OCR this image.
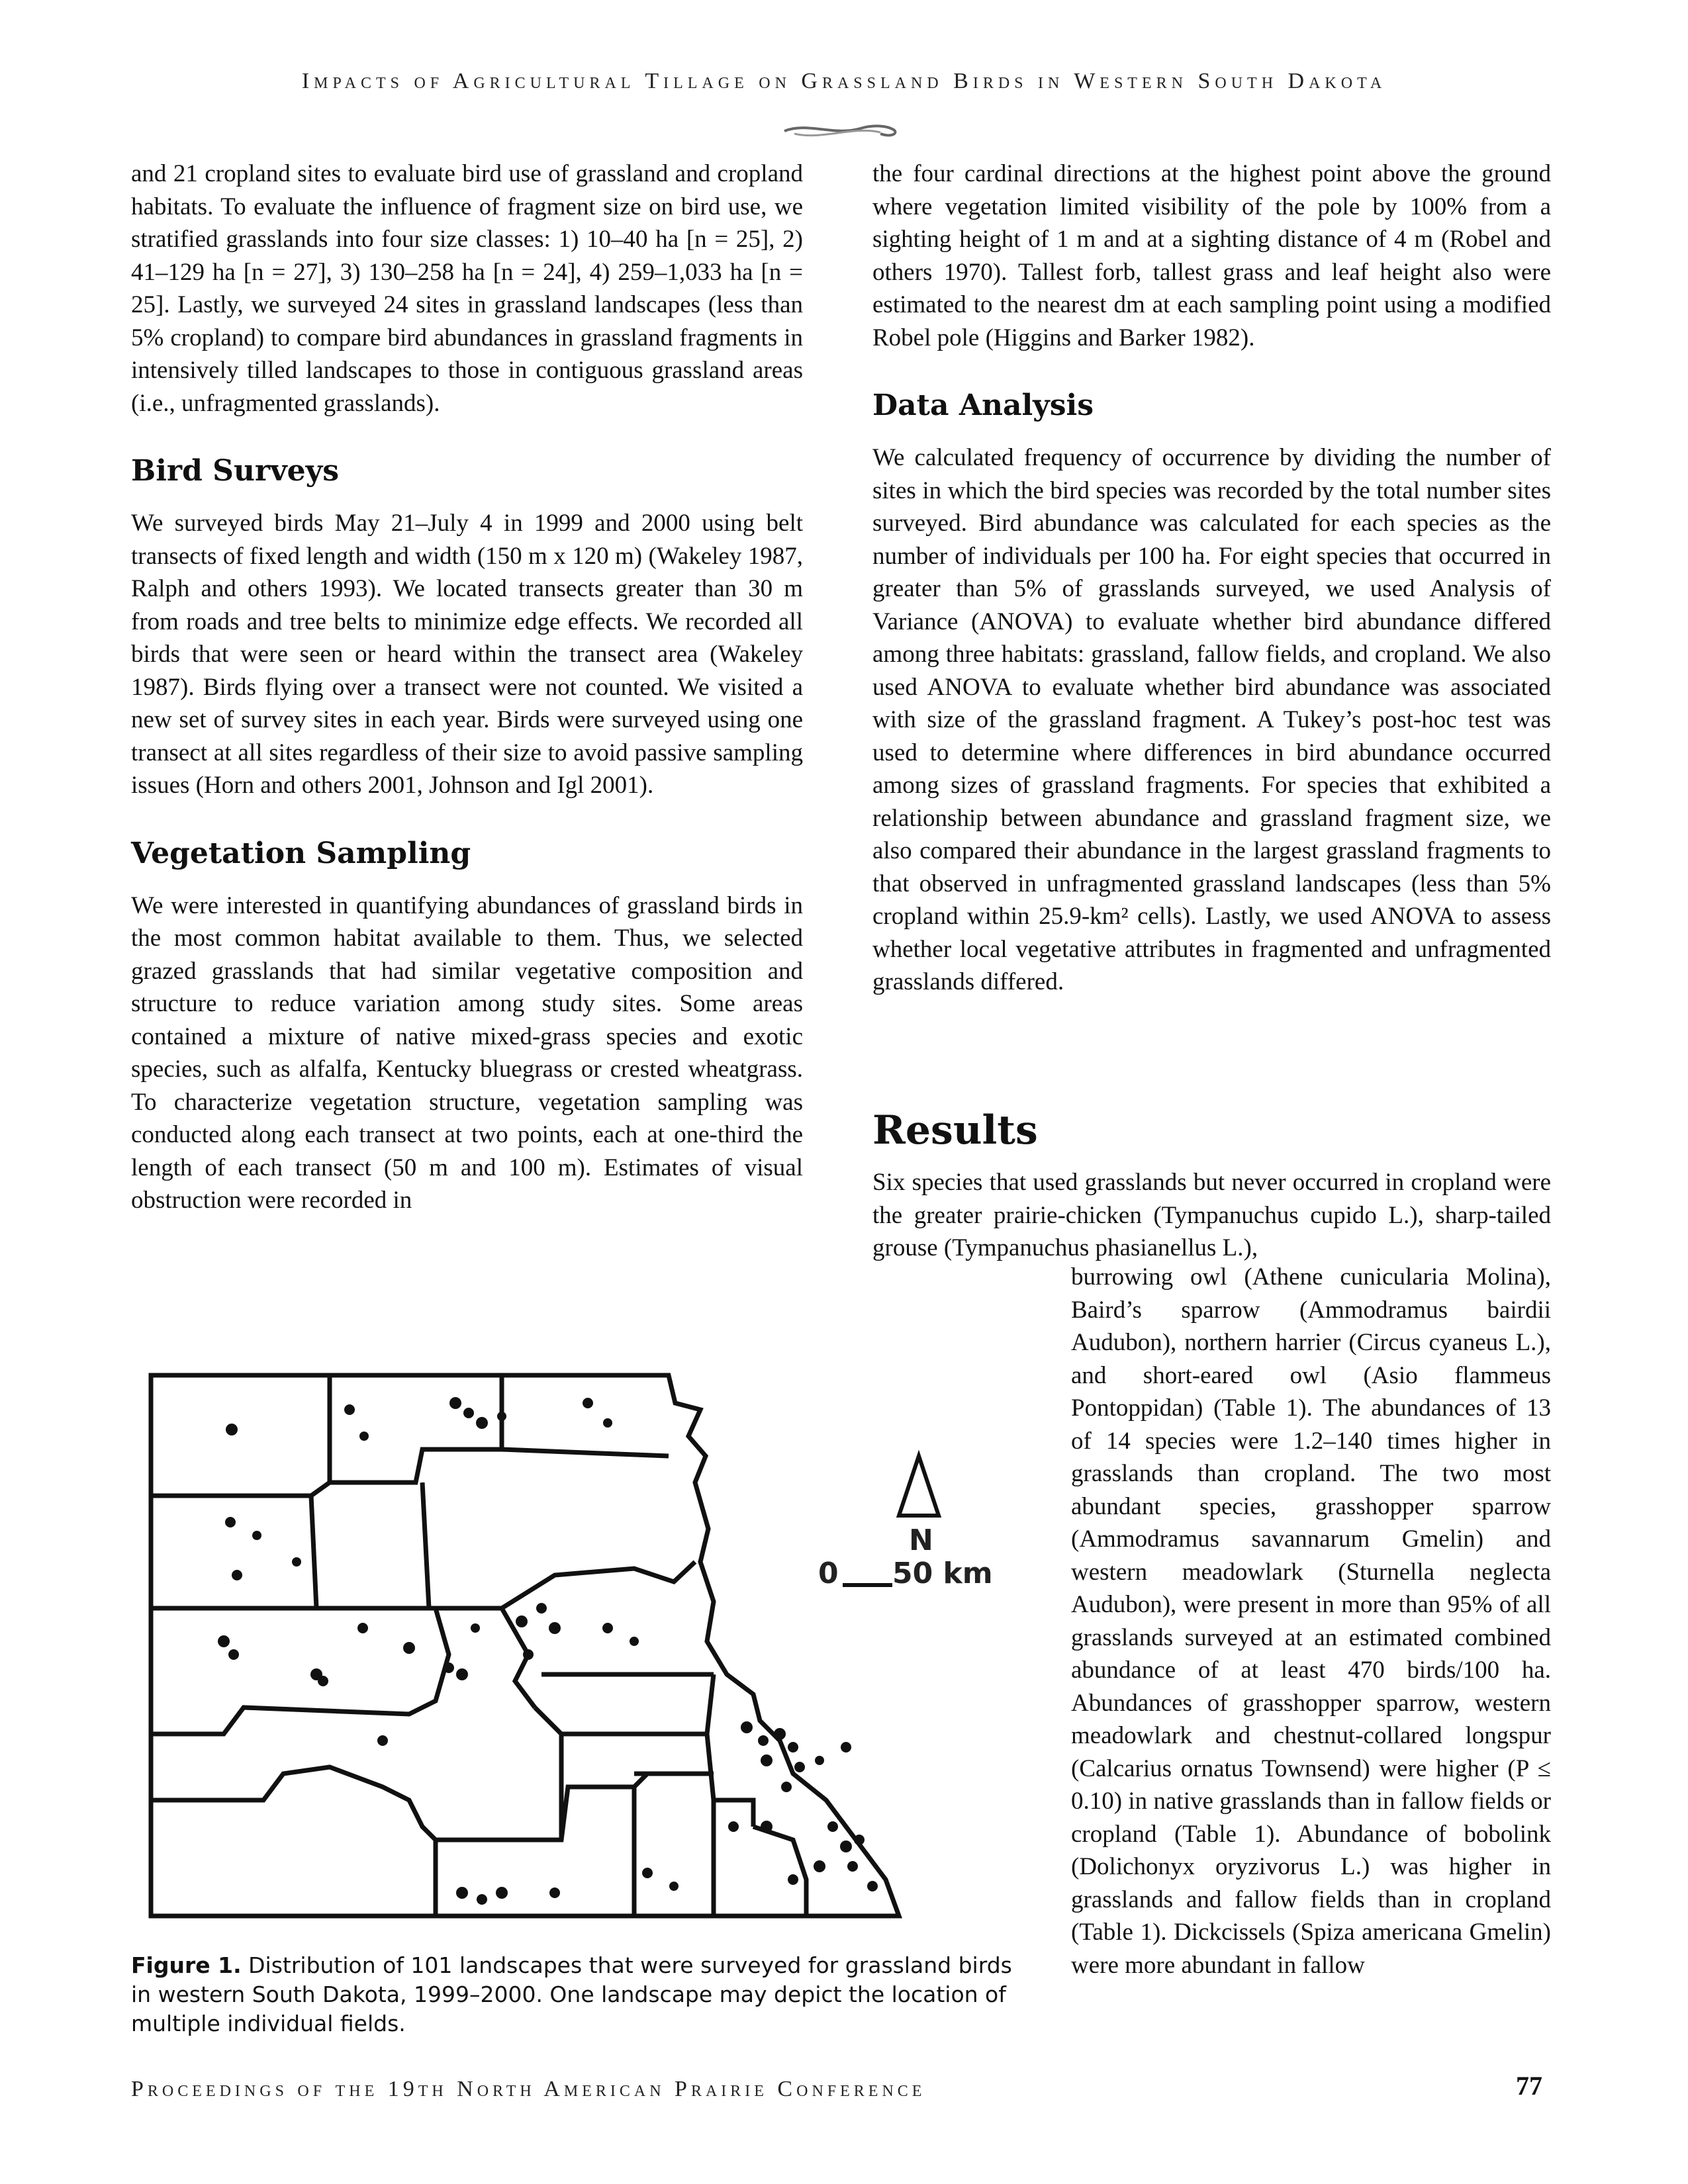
Impacts of Agricultural Tillage on Grassland Birds in Western South Dakota

and 21 cropland sites to evaluate bird use of grassland and cropland habitats. To evaluate the influence of fragment size on bird use, we stratified grasslands into four size classes: 1) 10–40 ha [n = 25], 2) 41–129 ha [n = 27], 3) 130–258 ha [n = 24], 4) 259–1,033 ha [n = 25]. Lastly, we surveyed 24 sites in grassland landscapes (less than 5% cropland) to compare bird abundances in grassland fragments in intensively tilled landscapes to those in contiguous grassland areas (i.e., unfragmented grasslands).

Bird Surveys

We surveyed birds May 21–July 4 in 1999 and 2000 using belt transects of fixed length and width (150 m x 120 m) (Wakeley 1987, Ralph and others 1993). We located transects greater than 30 m from roads and tree belts to minimize edge effects. We recorded all birds that were seen or heard within the transect area (Wakeley 1987). Birds flying over a transect were not counted. We visited a new set of survey sites in each year. Birds were surveyed using one transect at all sites regardless of their size to avoid passive sampling issues (Horn and others 2001, Johnson and Igl 2001).

Vegetation Sampling

We were interested in quantifying abundances of grassland birds in the most common habitat available to them. Thus, we selected grazed grasslands that had similar vegetative composition and structure to reduce variation among study sites. Some areas contained a mixture of native mixed-grass species and exotic species, such as alfalfa, Kentucky bluegrass or crested wheatgrass. To characterize vegetation structure, vegetation sampling was conducted along each transect at two points, each at one-third the length of each transect (50 m and 100 m). Estimates of visual obstruction were recorded in

the four cardinal directions at the highest point above the ground where vegetation limited visibility of the pole by 100% from a sighting height of 1 m and at a sighting distance of 4 m (Robel and others 1970). Tallest forb, tallest grass and leaf height also were estimated to the nearest dm at each sampling point using a modified Robel pole (Higgins and Barker 1982).

Data Analysis

We calculated frequency of occurrence by dividing the number of sites in which the bird species was recorded by the total number sites surveyed. Bird abundance was calculated for each species as the number of individuals per 100 ha. For eight species that occurred in greater than 5% of grasslands surveyed, we used Analysis of Variance (ANOVA) to evaluate whether bird abundance differed among three habitats: grassland, fallow fields, and cropland. We also used ANOVA to evaluate whether bird abundance was associated with size of the grassland fragment. A Tukey’s post-hoc test was used to determine where differences in bird abundance occurred among sizes of grassland fragments. For species that exhibited a relationship between abundance and grassland fragment size, we also compared their abundance in the largest grassland fragments to that observed in unfragmented grassland landscapes (less than 5% cropland within 25.9-km² cells). Lastly, we used ANOVA to assess whether local vegetative attributes in fragmented and unfragmented grasslands differed.

Results

Six species that used grasslands but never occurred in cropland were the greater prairie-chicken (Tympanuchus cupido L.), sharp-tailed grouse (Tympanuchus phasianellus L.),

burrowing owl (Athene cunicularia Molina), Baird’s sparrow (Ammodramus bairdii Audubon), northern harrier (Circus cyaneus L.), and short-eared owl (Asio flammeus Pontoppidan) (Table 1). The abundances of 13 of 14 species were 1.2–140 times higher in grasslands than cropland. The two most abundant species, grasshopper sparrow (Ammodramus savannarum Gmelin) and western meadowlark (Sturnella neglecta Audubon), were present in more than 95% of all grasslands surveyed at an estimated combined abundance of at least 470 birds/100 ha. Abundances of grasshopper sparrow, western meadowlark and chestnut-collared longspur (Calcarius ornatus Townsend) were higher (P ≤ 0.10) in native grasslands than in fallow fields or cropland (Table 1). Abundance of bobolink (Dolichonyx oryzivorus L.) was higher in grasslands and fallow fields than in cropland (Table 1). Dickcissels (Spiza americana Gmelin) were more abundant in fallow

N
0 50 km
Figure 1. Distribution of 101 landscapes that were surveyed for grassland birds in western South Dakota, 1999–2000. One landscape may depict the location of multiple individual fields.
Proceedings of the 19th North American Prairie Conference	77
